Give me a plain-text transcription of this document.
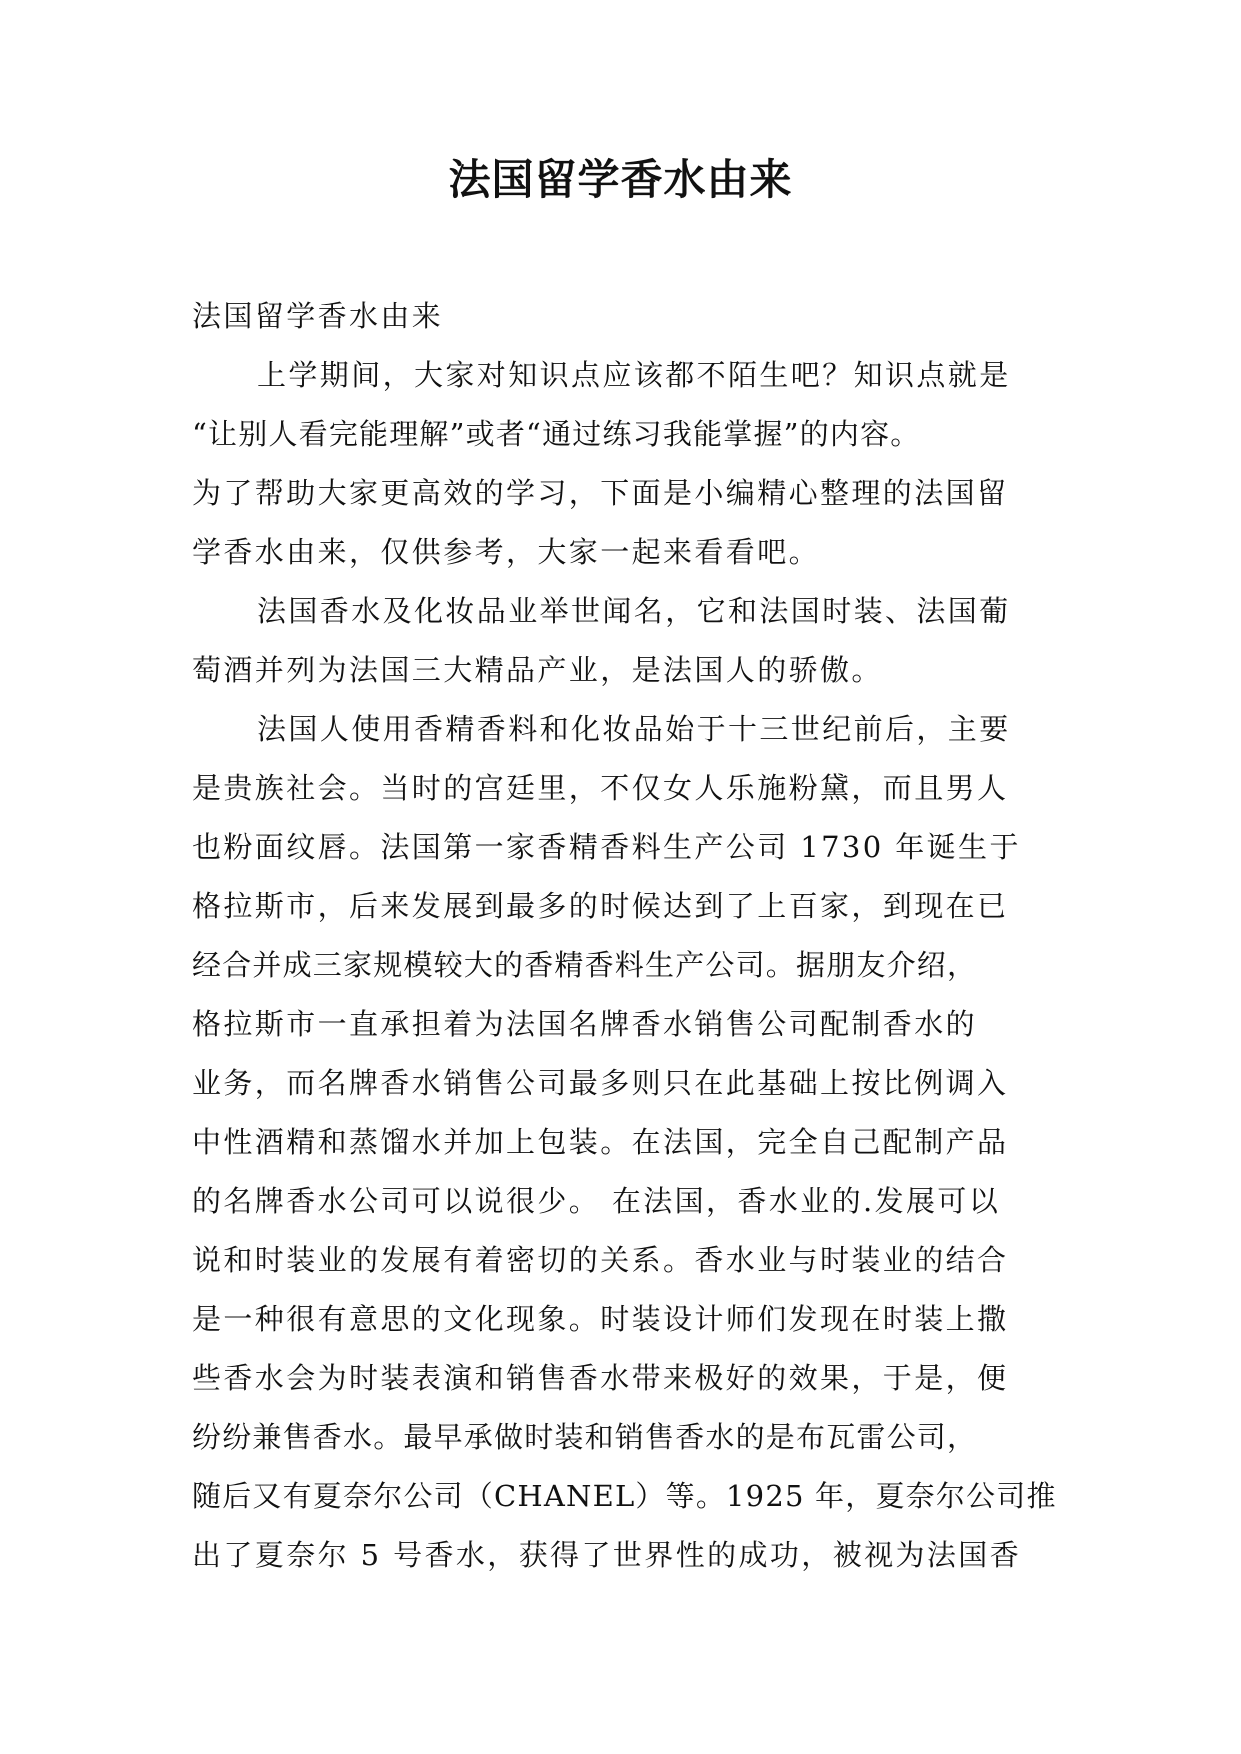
法国留学香水由来

法国留学香水由来

上学期间，大家对知识点应该都不陌生吧？知识点就是

“让别人看完能理解”或者“通过练习我能掌握”的内容。

为了帮助大家更高效的学习，下面是小编精心整理的法国留

学香水由来，仅供参考，大家一起来看看吧。

法国香水及化妆品业举世闻名，它和法国时装、法国葡

萄酒并列为法国三大精品产业，是法国人的骄傲。

法国人使用香精香料和化妆品始于十三世纪前后，主要

是贵族社会。当时的宫廷里，不仅女人乐施粉黛，而且男人

也粉面纹唇。法国第一家香精香料生产公司 1730 年诞生于

格拉斯市，后来发展到最多的时候达到了上百家，到现在已

经合并成三家规模较大的香精香料生产公司。据朋友介绍，

格拉斯市一直承担着为法国名牌香水销售公司配制香水的

业务，而名牌香水销售公司最多则只在此基础上按比例调入

中性酒精和蒸馏水并加上包装。在法国，完全自己配制产品

的名牌香水公司可以说很少。 在法国，香水业的.发展可以

说和时装业的发展有着密切的关系。香水业与时装业的结合

是一种很有意思的文化现象。时装设计师们发现在时装上撒

些香水会为时装表演和销售香水带来极好的效果，于是，便

纷纷兼售香水。最早承做时装和销售香水的是布瓦雷公司，

随后又有夏奈尔公司（CHANEL）等。1925 年，夏奈尔公司推

出了夏奈尔 5 号香水，获得了世界性的成功，被视为法国香
